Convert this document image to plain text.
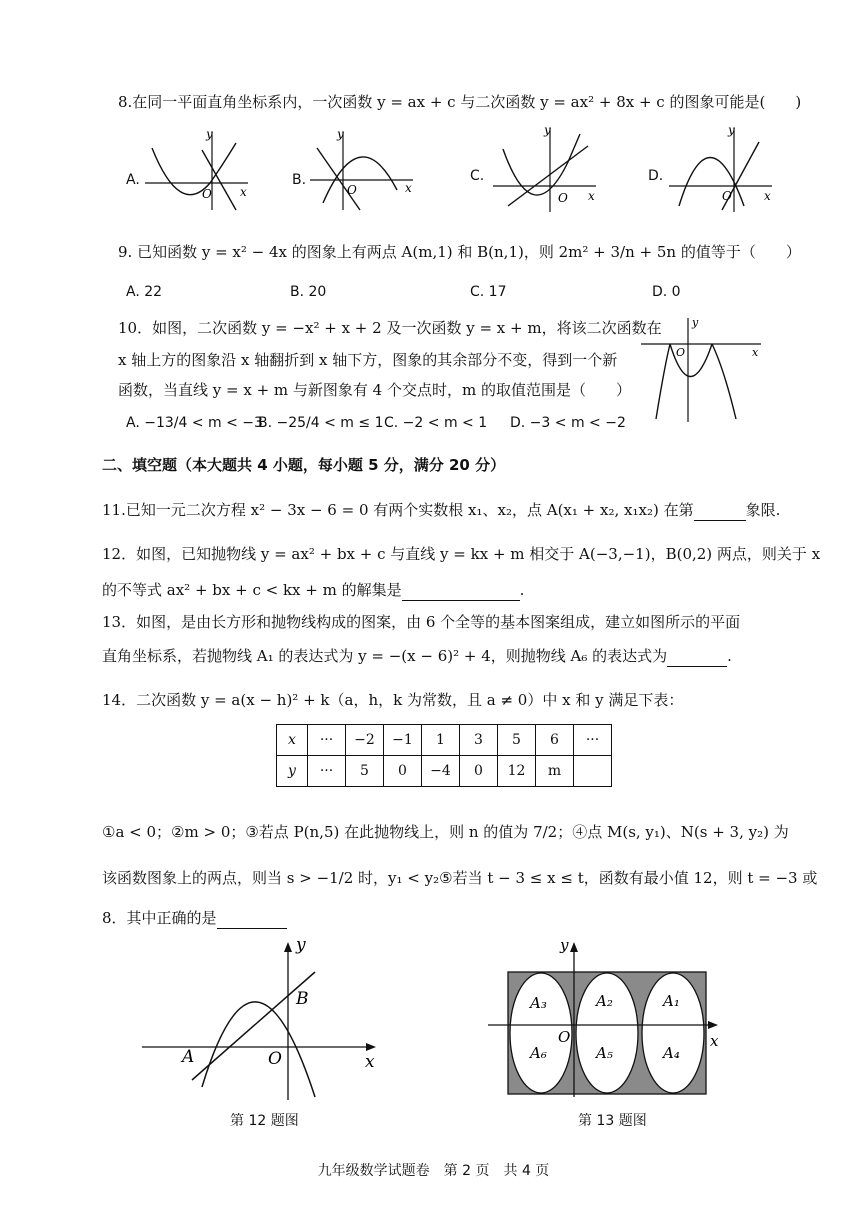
8.在同一平面直角坐标系内，一次函数 y = ax + c 与二次函数 y = ax² + 8x + c 的图象可能是(　　)
A.
y
x
O
B.
y
x
O
C.
y
x
O
D.
y
x
O
9. 已知函数 y = x² − 4x 的图象上有两点 A(m,1) 和 B(n,1)，则 2m² + 3/n + 5n 的值等于（　　）
A. 22	B. 20	C. 17	D. 0
10．如图，二次函数 y = −x² + x + 2 及一次函数 y = x + m，将该二次函数在
x 轴上方的图象沿 x 轴翻折到 x 轴下方，图象的其余部分不变，得到一个新
函数，当直线 y = x + m 与新图象有 4 个交点时，m 的取值范围是（　　）
A. −13/4 < m < −3
B. −25/4 < m ≤ 1 C. −2 < m < 1 D. −3 < m < −2
y
x
O
二、填空题（本大题共 4 小题，每小题 5 分，满分 20 分）
11.已知一元二次方程 x² − 3x − 6 = 0 有两个实数根 x₁、x₂，点 A(x₁ + x₂, x₁x₂) 在第	象限.
12．如图，已知抛物线 y = ax² + bx + c 与直线 y = kx + m 相交于 A(−3,−1)，B(0,2) 两点，则关于 x
的不等式 ax² + bx + c < kx + m 的解集是	.
13．如图，是由长方形和抛物线构成的图案，由 6 个全等的基本图案组成，建立如图所示的平面
直角坐标系，若抛物线 A₁ 的表达式为 y = −(x − 6)² + 4，则抛物线 A₆ 的表达式为	.
14．二次函数 y = a(x − h)² + k（a，h，k 为常数，且 a ≠ 0）中 x 和 y 满足下表：
x	···	−2	−1	1	3	5	6	···
y	···	5	0	−4	0	12	m	
①a < 0；②m > 0；③若点 P(n,5) 在此抛物线上，则 n 的值为 7/2；④点 M(s, y₁)、N(s + 3, y₂) 为
该函数图象上的两点，则当 s > −1/2 时，y₁ < y₂⑤若当 t − 3 ≤ x ≤ t，函数有最小值 12，则 t = −3 或
8．其中正确的是
A
B
O	x
y
第 12 题图
A₃	A₂	A₁
A₆	A₅	A₄
O	x
y
第 13 题图
九年级数学试题卷　第 2 页　共 4 页
